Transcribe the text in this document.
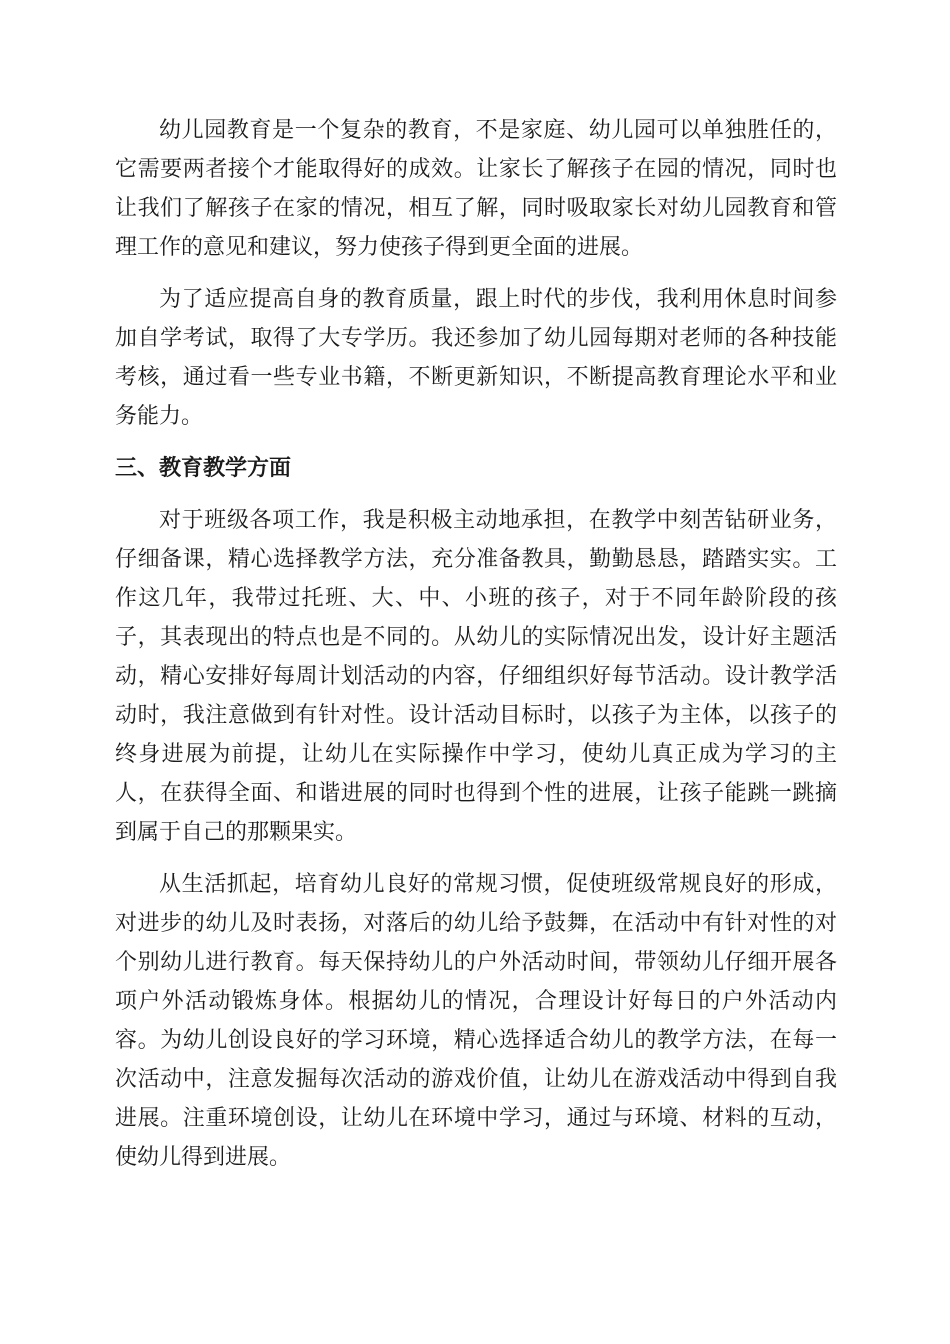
幼儿园教育是一个复杂的教育，不是家庭、幼儿园可以单独胜任的，它需要两者接个才能取得好的成效。让家长了解孩子在园的情况，同时也让我们了解孩子在家的情况，相互了解，同时吸取家长对幼儿园教育和管理工作的意见和建议，努力使孩子得到更全面的进展。

为了适应提高自身的教育质量，跟上时代的步伐，我利用休息时间参加自学考试，取得了大专学历。我还参加了幼儿园每期对老师的各种技能考核，通过看一些专业书籍，不断更新知识，不断提高教育理论水平和业务能力。

三、教育教学方面

对于班级各项工作，我是积极主动地承担，在教学中刻苦钻研业务，仔细备课，精心选择教学方法，充分准备教具，勤勤恳恳，踏踏实实。工作这几年，我带过托班、大、中、小班的孩子，对于不同年龄阶段的孩子，其表现出的特点也是不同的。从幼儿的实际情况出发，设计好主题活动，精心安排好每周计划活动的内容，仔细组织好每节活动。设计教学活动时，我注意做到有针对性。设计活动目标时，以孩子为主体，以孩子的终身进展为前提，让幼儿在实际操作中学习，使幼儿真正成为学习的主人，在获得全面、和谐进展的同时也得到个性的进展，让孩子能跳一跳摘到属于自己的那颗果实。

从生活抓起，培育幼儿良好的常规习惯，促使班级常规良好的形成，对进步的幼儿及时表扬，对落后的幼儿给予鼓舞，在活动中有针对性的对个别幼儿进行教育。每天保持幼儿的户外活动时间，带领幼儿仔细开展各项户外活动锻炼身体。根据幼儿的情况，合理设计好每日的户外活动内容。为幼儿创设良好的学习环境，精心选择适合幼儿的教学方法，在每一次活动中，注意发掘每次活动的游戏价值，让幼儿在游戏活动中得到自我进展。注重环境创设，让幼儿在环境中学习，通过与环境、材料的互动，使幼儿得到进展。
